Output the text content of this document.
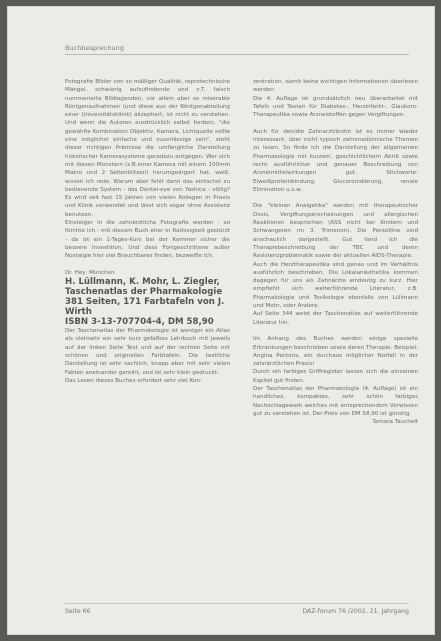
Buchbesprechung

Fotografie Bilder von so mäßiger Qualität, reprotechnische Mängel, schwierig aufzufindende und z.T. falsch nummerierte Bildlegenden, vor allem aber so miserable Röntgenaufnahmen (und diese aus der Röntgenabteilung einer Universitätsklinik) akzeptiert, ist nicht zu verstehen. Und wenn die Autoren ausdrücklich selbst fordern, "die gewählte Kombination Objektiv, Kamera, Lichtquelle sollte eine möglichst einfache und zuverlässige sein", steht dieser richtigen Prämisse die umfängliche Darstellung historischer Kamerasysteme geradezu entgegen: Wer sich mit diesen Monstern (z.B.einer Kamera mit einem 100mm Makro und 2 Seitenblitzen) herumgeärgert hat, weiß, wovon ich rede. Warum aber fehlt dann das einfachst zu bedienende System - das Dental-eye von Yashica - völlig? Es wird seit fast 15 Jahren von vielen Kollegen in Praxis und Klinik verwendet und lässt sich sogar ohne Assistenz benutzen.

Einsteiger in die zahnärztliche Fotografie werden - so fürchte ich - mit diesem Buch eher in Ratlosigkeit gestürzt - da ist ein 1-Tages-Kurs bei der Kammer sicher die bessere Investition. Und dass Fortgeschrittene außer Nostalgie hier viel Brauchbares finden, bezweifle ich.

Dr. Hey, München

H. Lüllmann, K. Mohr, L. Ziegler, Taschenatlas der Pharmakologie 381 Seiten, 171 Farbtafeln von J. Wirth

ISBN 3-13-707704-4, DM 58,90

Der Taschenatlas der Pharmakologie ist weniger ein Atlas als vielmehr ein sehr kurz gefaßtes Lehrbuch mit jeweils auf der linken Seite Text und auf der rechten Seite mit schönen und originellen Farbtafeln. Die textliche Darstellung ist sehr sachlich, knapp aber mit sehr vielen Fakten aneinander gereiht, und ist sehr klein gedruckt.

Das Lesen dieses Buches erfordert sehr viel Kon-

zentration, damit keine wichtigen Informationen überlesen werden.

Die 4. Auflage ist grundsätzlich neu überarbeitet mit Tafeln und Texten für Diabetes-, Herzinfarkt-, Glaukom-Therapeutika sowie Arzneistoffen gegen Vergiftungen.

Auch für den/die Zahnarzt/ärztin ist es immer wieder interessant, über nicht typisch zahnmedizinische Themen zu lesen. So finde ich die Darstellung der allgemeinen Pharmakologie mit kurzem, geschichtlichem Abriß sowie recht ausführlicher und genauer Beschreibung von Arzneimittelwirkungen gut. Stichworte: Eiweißproteinbindung, Glucoronidierung, renale Elimination u.s.w.

Die "kleinen Analgetika" werden mit therapeutischer Dosis, Vergiftungserscheinungen und allergischen Reaktionen besprochen (ASS nicht bei Kindern und Schwangeren im 3. Trimenon). Die Penizilline sind anschaulich dargestellt. Gut fand ich die Therapiebeschreibung der TBC und deren Resistenzproblematik sowie der aktuellen AIDS-Therapie.

Auch die Herztherapeutika sind genau und im Verhältnis ausführlich beschrieben. Die Lokalanästhetika kommen dagegen für uns als Zahnärzte eindeutig zu kurz. Hier empfiehlt sich weiterführende Literatur, z.B. Pharmakologie und Toxikologie ebenfalls von Lüllmann und Mohr, oder Andere.

Auf Seite 344 weist der Taschenatlas auf weiterführende Literatur hin.

Im Anhang des Buches werden einige spezielle Erkrankungen beschrieben sowie deren Therapie. Beispiel: Angina Pectoris, ein durchaus möglicher Notfall in der zahnärztlichen Praxis!

Durch ein farbiges Griffregister lassen sich die einzelnen Kapitel gut finden.

Der Taschenatlas der Pharmakologie (4. Auflage) ist ein handliches, kompaktes, sehr schön farbiges Nachschlagewerk welches mit entsprechendem Vorwissen gut zu verstehen ist. Der Preis von DM 58,90 ist günstig.

Tamara Tauchelt

Seite 66	DAZ-forum 76 /2002, 21. Jahrgang
